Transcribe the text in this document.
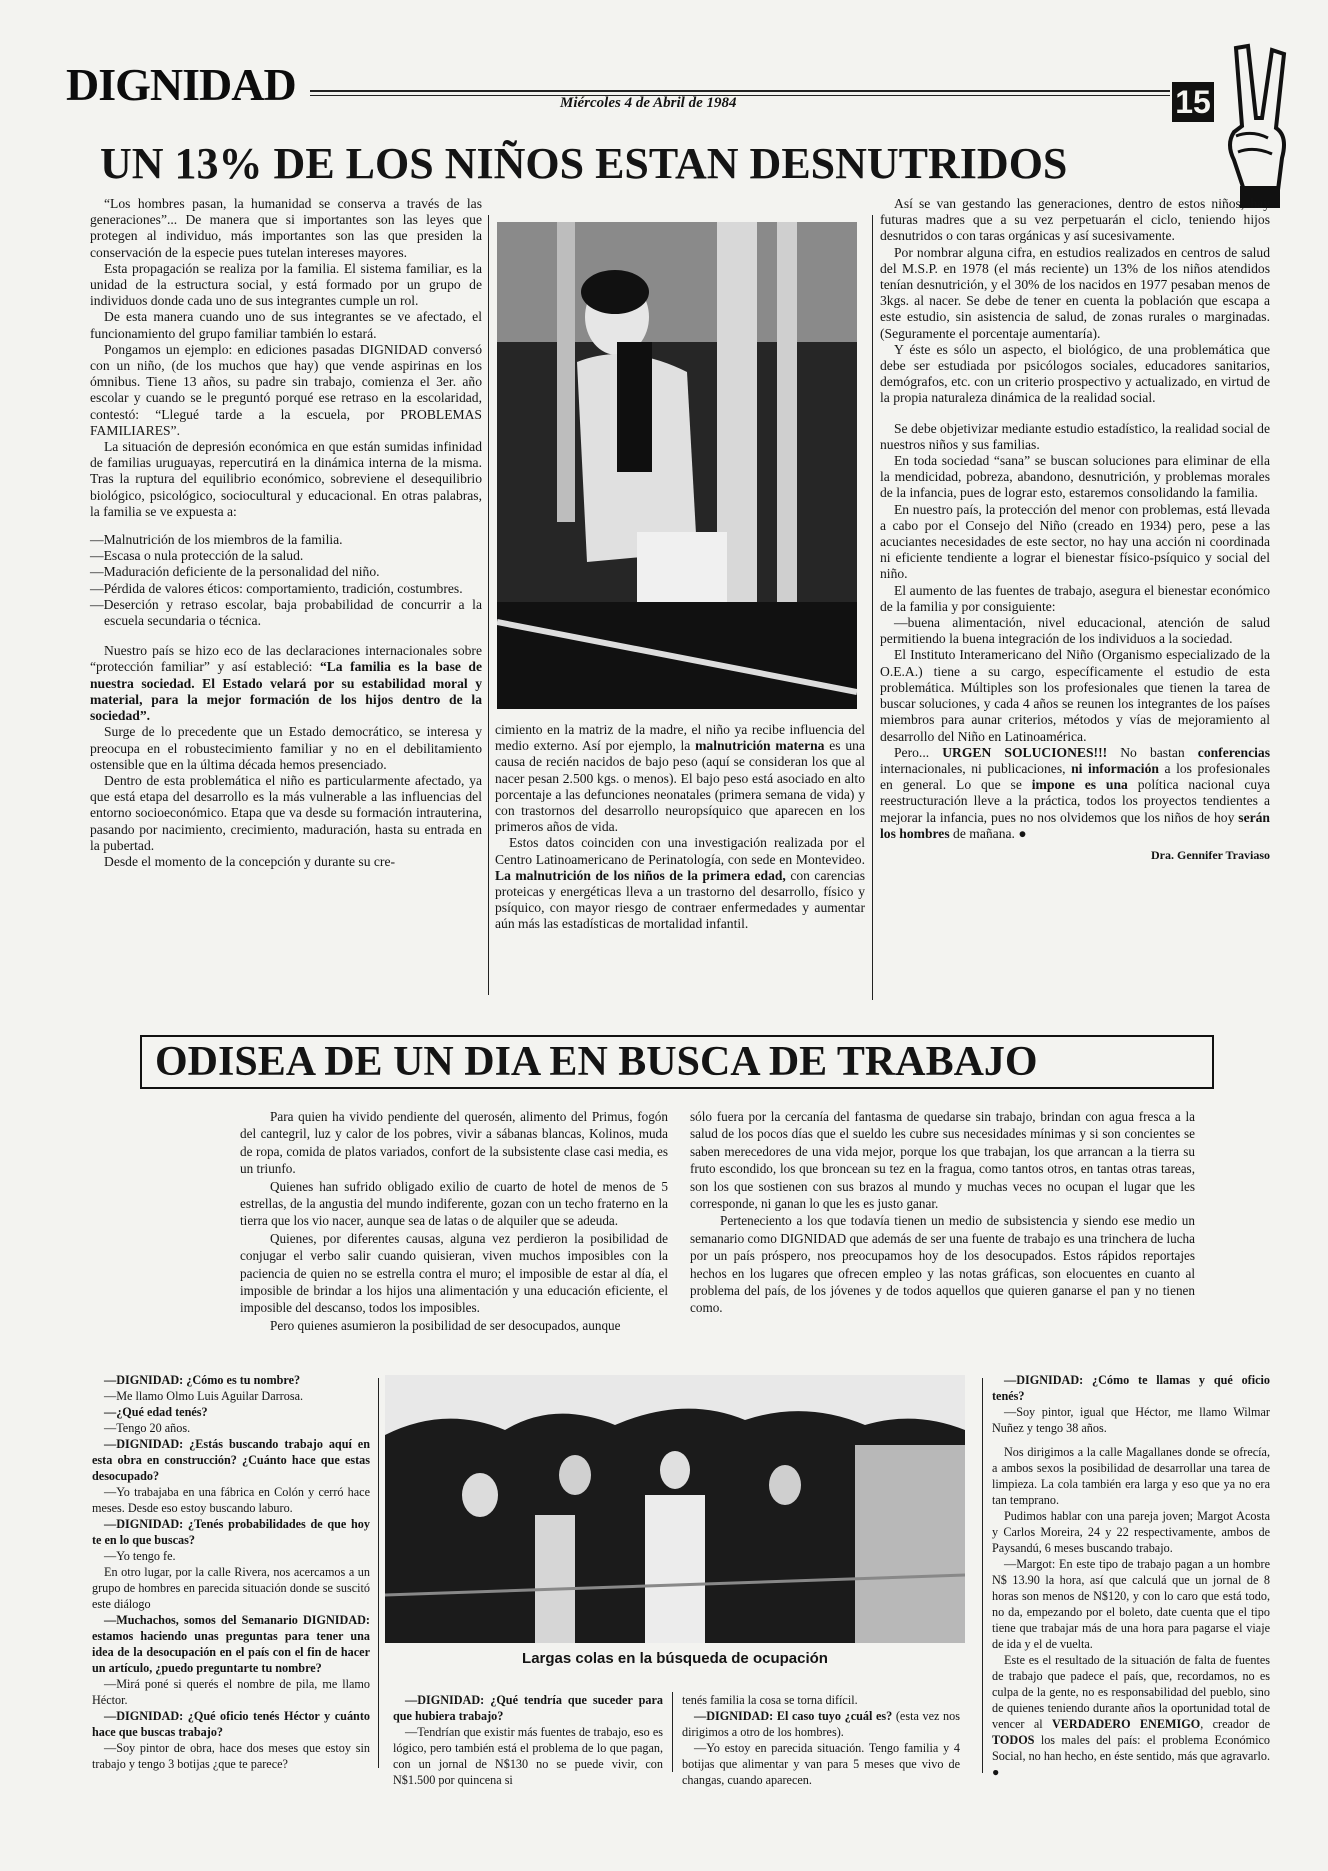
DIGNIDAD	Miércoles 4 de Abril de 1984	15
UN 13% DE LOS NIÑOS ESTAN DESNUTRIDOS

“Los hombres pasan, la humanidad se conserva a través de las generaciones”... De manera que si importantes son las leyes que protegen al individuo, más importantes son las que presiden la conservación de la especie pues tutelan intereses mayores.

Esta propagación se realiza por la familia. El sistema familiar, es la unidad de la estructura social, y está formado por un grupo de individuos donde cada uno de sus integrantes cumple un rol.

De esta manera cuando uno de sus integrantes se ve afectado, el funcionamiento del grupo familiar también lo estará.

Pongamos un ejemplo: en ediciones pasadas DIGNIDAD conversó con un niño, (de los muchos que hay) que vende aspirinas en los ómnibus. Tiene 13 años, su padre sin trabajo, comienza el 3er. año escolar y cuando se le preguntó porqué ese retraso en la escolaridad, contestó: “Llegué tarde a la escuela, por PROBLEMAS FAMILIARES”.

La situación de depresión económica en que están sumidas infinidad de familias uruguayas, repercutirá en la dinámica interna de la misma. Tras la ruptura del equilibrio económico, sobreviene el desequilibrio biológico, psicológico, sociocultural y educacional. En otras palabras, la familia se ve expuesta a:

—Malnutrición de los miembros de la familia.
—Escasa o nula protección de la salud.
—Maduración deficiente de la personalidad del niño.
—Pérdida de valores éticos: comportamiento, tradición, costumbres.
—Deserción y retraso escolar, baja probabilidad de concurrir a la escuela secundaria o técnica.

Nuestro país se hizo eco de las declaraciones internacionales sobre “protección familiar” y así estableció: “La familia es la base de nuestra sociedad. El Estado velará por su estabilidad moral y material, para la mejor formación de los hijos dentro de la sociedad”.

Surge de lo precedente que un Estado democrático, se interesa y preocupa en el robustecimiento familiar y no en el debilitamiento ostensible que en la última década hemos presenciado.

Dentro de esta problemática el niño es particularmente afectado, ya que está etapa del desarrollo es la más vulnerable a las influencias del entorno socioeconómico. Etapa que va desde su formación intrauterina, pasando por nacimiento, crecimiento, maduración, hasta su entrada en la pubertad.

Desde el momento de la concepción y durante su cre-

cimiento en la matriz de la madre, el niño ya recibe influencia del medio externo. Así por ejemplo, la malnutrición materna es una causa de recién nacidos de bajo peso (aquí se consideran los que al nacer pesan 2.500 kgs. o menos). El bajo peso está asociado en alto porcentaje a las defunciones neonatales (primera semana de vida) y con trastornos del desarrollo neuropsíquico que aparecen en los primeros años de vida.

Estos datos coinciden con una investigación realizada por el Centro Latinoamericano de Perinatología, con sede en Montevideo. La malnutrición de los niños de la primera edad, con carencias proteicas y energéticas lleva a un trastorno del desarrollo, físico y psíquico, con mayor riesgo de contraer enfermedades y aumentar aún más las estadísticas de mortalidad infantil.

Así se van gestando las generaciones, dentro de estos niños, hay futuras madres que a su vez perpetuarán el ciclo, teniendo hijos desnutridos o con taras orgánicas y así sucesivamente.

Por nombrar alguna cifra, en estudios realizados en centros de salud del M.S.P. en 1978 (el más reciente) un 13% de los niños atendidos tenían desnutrición, y el 30% de los nacidos en 1977 pesaban menos de 3kgs. al nacer. Se debe de tener en cuenta la población que escapa a este estudio, sin asistencia de salud, de zonas rurales o marginadas. (Seguramente el porcentaje aumentaría).

Y éste es sólo un aspecto, el biológico, de una problemática que debe ser estudiada por psicólogos sociales, educadores sanitarios, demógrafos, etc. con un criterio prospectivo y actualizado, en virtud de la propia naturaleza dinámica de la realidad social.

Se debe objetivizar mediante estudio estadístico, la realidad social de nuestros niños y sus familias.

En toda sociedad “sana” se buscan soluciones para eliminar de ella la mendicidad, pobreza, abandono, desnutrición, y problemas morales de la infancia, pues de lograr esto, estaremos consolidando la familia.

En nuestro país, la protección del menor con problemas, está llevada a cabo por el Consejo del Niño (creado en 1934) pero, pese a las acuciantes necesidades de este sector, no hay una acción ni coordinada ni eficiente tendiente a lograr el bienestar físico-psíquico y social del niño.

El aumento de las fuentes de trabajo, asegura el bienestar económico de la familia y por consiguiente:

—buena alimentación, nivel educacional, atención de salud permitiendo la buena integración de los individuos a la sociedad.

El Instituto Interamericano del Niño (Organismo especializado de la O.E.A.) tiene a su cargo, específicamente el estudio de esta problemática. Múltiples son los profesionales que tienen la tarea de buscar soluciones, y cada 4 años se reunen los integrantes de los países miembros para aunar criterios, métodos y vías de mejoramiento al desarrollo del Niño en Latinoamérica.

Pero... URGEN SOLUCIONES!!! No bastan conferencias internacionales, ni publicaciones, ni información a los profesionales en general. Lo que se impone es una política nacional cuya reestructuración lleve a la práctica, todos los proyectos tendientes a mejorar la infancia, pues no nos olvidemos que los niños de hoy serán los hombres de mañana. ●

Dra. Gennifer Traviaso
ODISEA DE UN DIA EN BUSCA DE TRABAJO

Para quien ha vivido pendiente del querosén, alimento del Primus, fogón del cantegril, luz y calor de los pobres, vivir a sábanas blancas, Kolinos, muda de ropa, comida de platos variados, confort de la subsistente clase casi media, es un triunfo.

Quienes han sufrido obligado exilio de cuarto de hotel de menos de 5 estrellas, de la angustia del mundo indiferente, gozan con un techo fraterno en la tierra que los vio nacer, aunque sea de latas o de alquiler que se adeuda.

Quienes, por diferentes causas, alguna vez perdieron la posibilidad de conjugar el verbo salir cuando quisieran, viven muchos imposibles con la paciencia de quien no se estrella contra el muro; el imposible de estar al día, el imposible de brindar a los hijos una alimentación y una educación eficiente, el imposible del descanso, todos los imposibles.

Pero quienes asumieron la posibilidad de ser desocupados, aunque

sólo fuera por la cercanía del fantasma de quedarse sin trabajo, brindan con agua fresca a la salud de los pocos días que el sueldo les cubre sus necesidades mínimas y si son concientes se saben merecedores de una vida mejor, porque los que trabajan, los que arrancan a la tierra su fruto escondido, los que broncean su tez en la fragua, como tantos otros, en tantas otras tareas, son los que sostienen con sus brazos al mundo y muchas veces no ocupan el lugar que les corresponde, ni ganan lo que les es justo ganar.

Perteneciento a los que todavía tienen un medio de subsistencia y siendo ese medio un semanario como DIGNIDAD que además de ser una fuente de trabajo es una trinchera de lucha por un país próspero, nos preocupamos hoy de los desocupados. Estos rápidos reportajes hechos en los lugares que ofrecen empleo y las notas gráficas, son elocuentes en cuanto al problema del país, de los jóvenes y de todos aquellos que quieren ganarse el pan y no tienen como.

—DIGNIDAD: ¿Cómo es tu nombre?

—Me llamo Olmo Luis Aguilar Darrosa.

—¿Qué edad tenés?

—Tengo 20 años.

—DIGNIDAD: ¿Estás buscando trabajo aquí en esta obra en construcción? ¿Cuánto hace que estas desocupado?

—Yo trabajaba en una fábrica en Colón y cerró hace meses. Desde eso estoy buscando laburo.

—DIGNIDAD: ¿Tenés probabilidades de que hoy te en lo que buscas?

—Yo tengo fe.

En otro lugar, por la calle Rivera, nos acercamos a un grupo de hombres en parecida situación donde se suscitó este diálogo

—Muchachos, somos del Semanario DIGNIDAD: estamos haciendo unas preguntas para tener una idea de la desocupación en el país con el fin de hacer un artículo, ¿puedo preguntarte tu nombre?

—Mirá poné si querés el nombre de pila, me llamo Héctor.

—DIGNIDAD: ¿Qué oficio tenés Héctor y cuánto hace que buscas trabajo?

—Soy pintor de obra, hace dos meses que estoy sin trabajo y tengo 3 botijas ¿que te parece?

Largas colas en la búsqueda de ocupación

—DIGNIDAD: ¿Qué tendría que suceder para que hubiera trabajo?

—Tendrían que existir más fuentes de trabajo, eso es lógico, pero también está el problema de lo que pagan, con un jornal de N$130 no se puede vivir, con N$1.500 por quincena si

tenés familia la cosa se torna difícil.

—DIGNIDAD: El caso tuyo ¿cuál es? (esta vez nos dirigimos a otro de los hombres).

—Yo estoy en parecida situación. Tengo familia y 4 botijas que alimentar y van para 5 meses que vivo de changas, cuando aparecen.

—DIGNIDAD: ¿Cómo te llamas y qué oficio tenés?

—Soy pintor, igual que Héctor, me llamo Wilmar Nuñez y tengo 38 años.

Nos dirigimos a la calle Magallanes donde se ofrecía, a ambos sexos la posibilidad de desarrollar una tarea de limpieza. La cola también era larga y eso que ya no era tan temprano.

Pudimos hablar con una pareja joven; Margot Acosta y Carlos Moreira, 24 y 22 respectivamente, ambos de Paysandú, 6 meses buscando trabajo.

—Margot: En este tipo de trabajo pagan a un hombre N$ 13.90 la hora, así que calculá que un jornal de 8 horas son menos de N$120, y con lo caro que está todo, no da, empezando por el boleto, date cuenta que el tipo tiene que trabajar más de una hora para pagarse el viaje de ida y el de vuelta.

Este es el resultado de la situación de falta de fuentes de trabajo que padece el país, que, recordamos, no es culpa de la gente, no es responsabilidad del pueblo, sino de quienes teniendo durante años la oportunidad total de vencer al VERDADERO ENEMIGO, creador de TODOS los males del país: el problema Económico Social, no han hecho, en éste sentido, más que agravarlo. ●
